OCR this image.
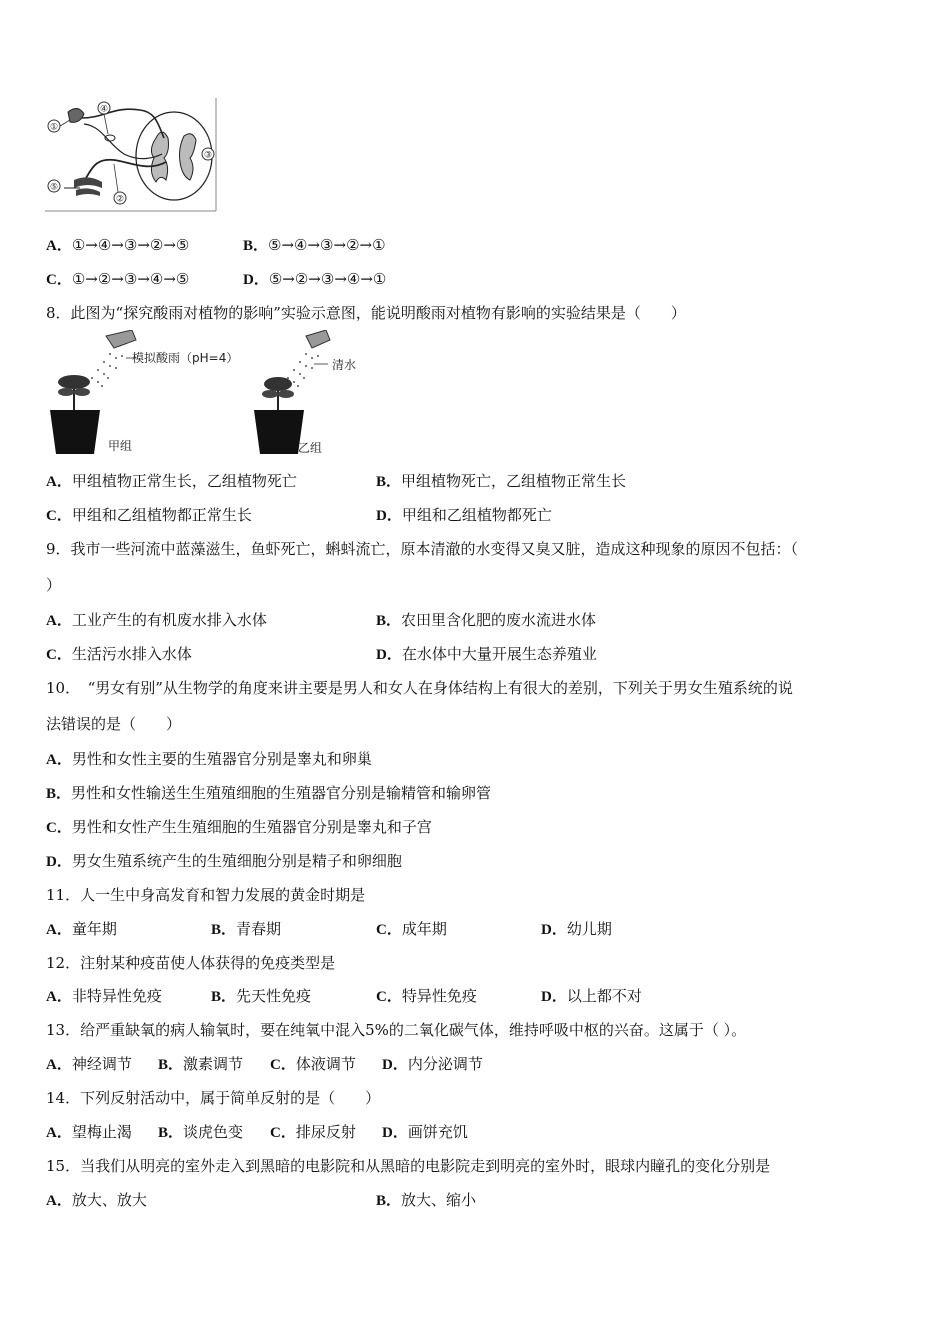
①
④
③
⑤
②
A．①→④→③→②→⑤	B．⑤→④→③→②→①
C．①→②→③→④→⑤	D．⑤→②→③→④→①
8．此图为“探究酸雨对植物的影响”实验示意图，能说明酸雨对植物有影响的实验结果是（　　）
模拟酸雨（pH=4）
甲组
清水
乙组
A．甲组植物正常生长，乙组植物死亡	B．甲组植物死亡，乙组植物正常生长
C．甲组和乙组植物都正常生长	D．甲组和乙组植物都死亡
9．我市一些河流中蓝藻滋生，鱼虾死亡，蝌蚪流亡，原本清澈的水变得又臭又脏，造成这种现象的原因不包括：（
）
A．工业产生的有机废水排入水体	B．农田里含化肥的废水流进水体
C．生活污水排入水体	D．在水体中大量开展生态养殖业
10．　“男女有别”从生物学的角度来讲主要是男人和女人在身体结构上有很大的差别，下列关于男女生殖系统的说
法错误的是（　　）
A．男性和女性主要的生殖器官分别是睾丸和卵巢
B．男性和女性输送生生殖殖细胞的生殖器官分别是输精管和输卵管
C．男性和女性产生生殖细胞的生殖器官分别是睾丸和子宫
D．男女生殖系统产生的生殖细胞分别是精子和卵细胞
11．人一生中身高发育和智力发展的黄金时期是
A．童年期	B．青春期	C．成年期	D．幼儿期
12．注射某种疫苗使人体获得的免疫类型是
A．非特异性免疫	B．先天性免疫	C．特异性免疫	D．以上都不对
13．给严重缺氧的病人输氧时，要在纯氧中混入5%的二氧化碳气体，维持呼吸中枢的兴奋。这属于（ ）。
A．神经调节 B．激素调节 C．体液调节 D．内分泌调节
14．下列反射活动中，属于简单反射的是（　　）
A．望梅止渴 B．谈虎色变 C．排尿反射 D．画饼充饥
15．当我们从明亮的室外走入到黑暗的电影院和从黑暗的电影院走到明亮的室外时，眼球内瞳孔的变化分别是
A．放大、放大	B．放大、缩小
